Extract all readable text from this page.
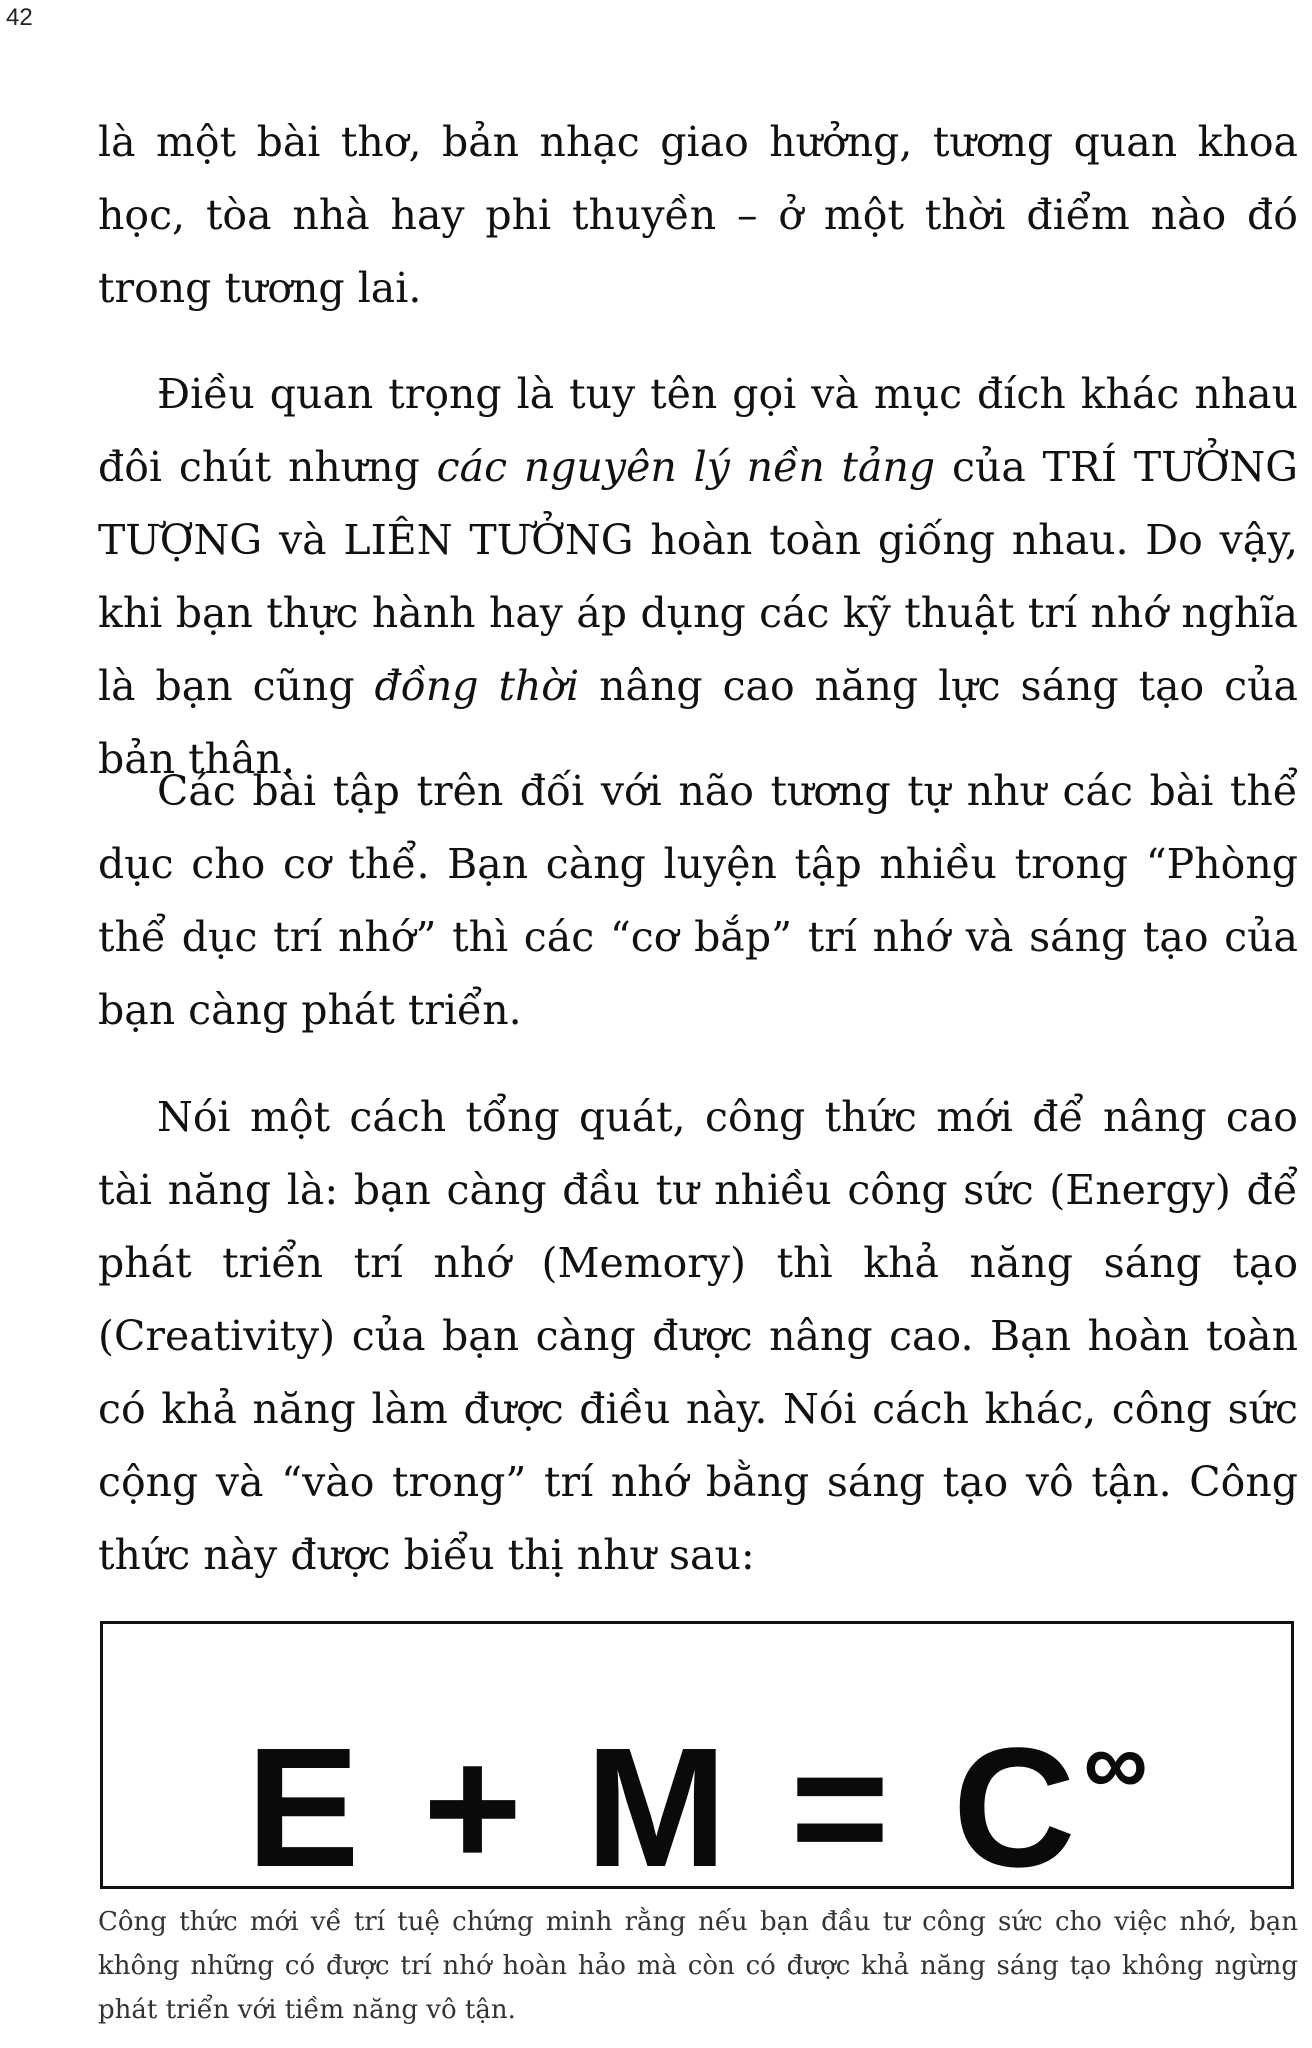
42

là một bài thơ, bản nhạc giao hưởng, tương quan khoa học, tòa nhà hay phi thuyền – ở một thời điểm nào đó trong tương lai.

Điều quan trọng là tuy tên gọi và mục đích khác nhau đôi chút nhưng các nguyên lý nền tảng của TRÍ TƯỞNG TƯỢNG và LIÊN TƯỞNG hoàn toàn giống nhau. Do vậy, khi bạn thực hành hay áp dụng các kỹ thuật trí nhớ nghĩa là bạn cũng đồng thời nâng cao năng lực sáng tạo của bản thân.

Các bài tập trên đối với não tương tự như các bài thể dục cho cơ thể. Bạn càng luyện tập nhiều trong “Phòng thể dục trí nhớ” thì các “cơ bắp” trí nhớ và sáng tạo của bạn càng phát triển.

Nói một cách tổng quát, công thức mới để nâng cao tài năng là: bạn càng đầu tư nhiều công sức (Energy) để phát triển trí nhớ (Memory) thì khả năng sáng tạo (Creativity) của bạn càng được nâng cao. Bạn hoàn toàn có khả năng làm được điều này. Nói cách khác, công sức cộng và “vào trong” trí nhớ bằng sáng tạo vô tận. Công thức này được biểu thị như sau:

E + M = C∞
Công thức mới về trí tuệ chứng minh rằng nếu bạn đầu tư công sức cho việc nhớ, bạn không những có được trí nhớ hoàn hảo mà còn có được khả năng sáng tạo không ngừng phát triển với tiềm năng vô tận.
